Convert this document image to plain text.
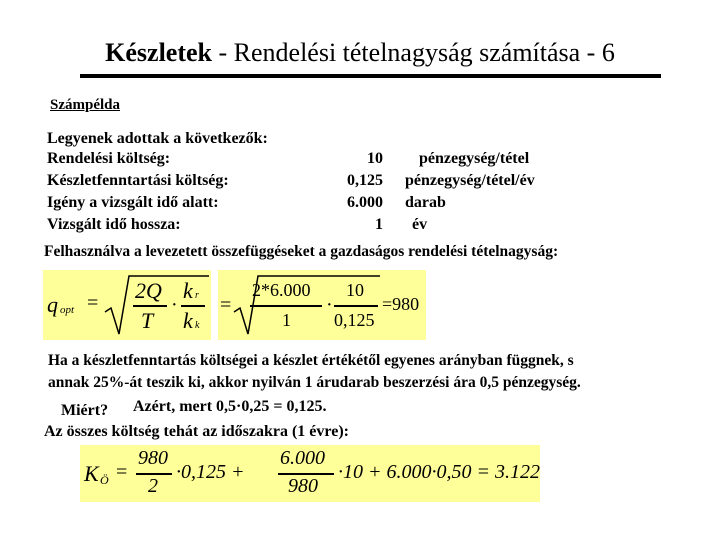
Készletek - Rendelési tételnagyság számítása - 6
Számpélda
Legyenek adottak a következők:
Rendelési költség:	10 pénzegység/tétel
Készletfenntartási költség:	0,125 pénzegység/tétel/év
Igény a vizsgált idő alatt:	6.000 darab
Vizsgált idő hossza:	1 év
Felhasználva a levezetett összefüggéseket a gazdaságos rendelési tételnagyság:
q opt = 2Q
T
·
k r
k k
=
2*6.000
1
·
10
0,125
=980
Ha a készletfenntartás költségei a készlet értékétől egyenes arányban függnek, s
annak 25%-át teszik ki, akkor nyilván 1 árudarab beszerzési ára 0,5 pénzegység.
Miért? Azért, mert 0,5·0,25 = 0,125.
Az összes költség tehát az időszakra (1 évre):
K Ö =
980
2
·0,125 +
6.000
980
·10 + 6.000·0,50 = 3.122
